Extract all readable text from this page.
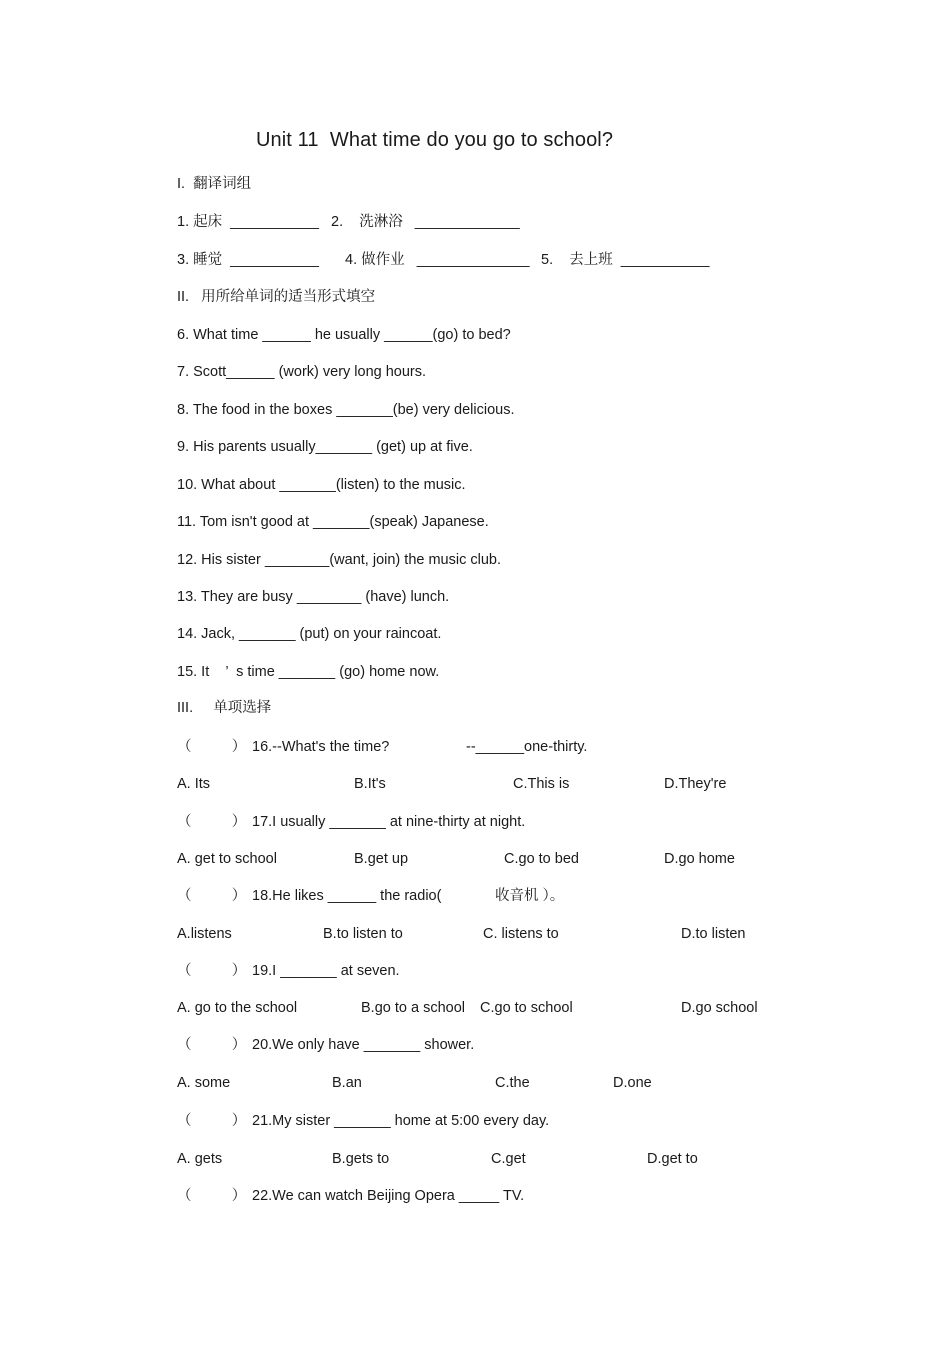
Unit 11  What time do you go to school?
I.  翻译词组
1. 起床  ___________ 2.    洗淋浴   _____________
3. 睡觉  ___________ 4. 做作业   ______________ 5.    去上班  ___________
II.   用所给单词的适当形式填空
6. What time ______ he usually ______(go) to bed?
7. Scott______ (work) very long hours.
8. The food in the boxes _______(be) very delicious.
9. His parents usually_______ (get) up at five.
10. What about _______(listen) to the music.
11. Tom isn't good at _______(speak) Japanese.
12. His sister ________(want, join) the music club.
13. They are busy ________ (have) lunch.
14. Jack, _______ (put) on your raincoat.
15. It    ’  s time _______ (go) home now.
III.     单项选择
（          ） 16.--What's the time?	--______one-thirty.
A. Its	B.It's	C.This is	D.They're
（          ） 17.I usually _______ at nine-thirty at night.
A. get to school	B.get up	C.go to bed	D.go home
（          ） 18.He likes ______ the radio(	收音机 ）。
A.listens	B.to listen to	C. listens to	D.to listen
（          ） 19.I _______ at seven.
A. go to the school	B.go to a school C.go to school	D.go school
（          ） 20.We only have _______ shower.
A. some	B.an	C.the	D.one
（          ） 21.My sister _______ home at 5:00 every day.
A. gets	B.gets to	C.get	D.get to
（          ） 22.We can watch Beijing Opera _____ TV.
